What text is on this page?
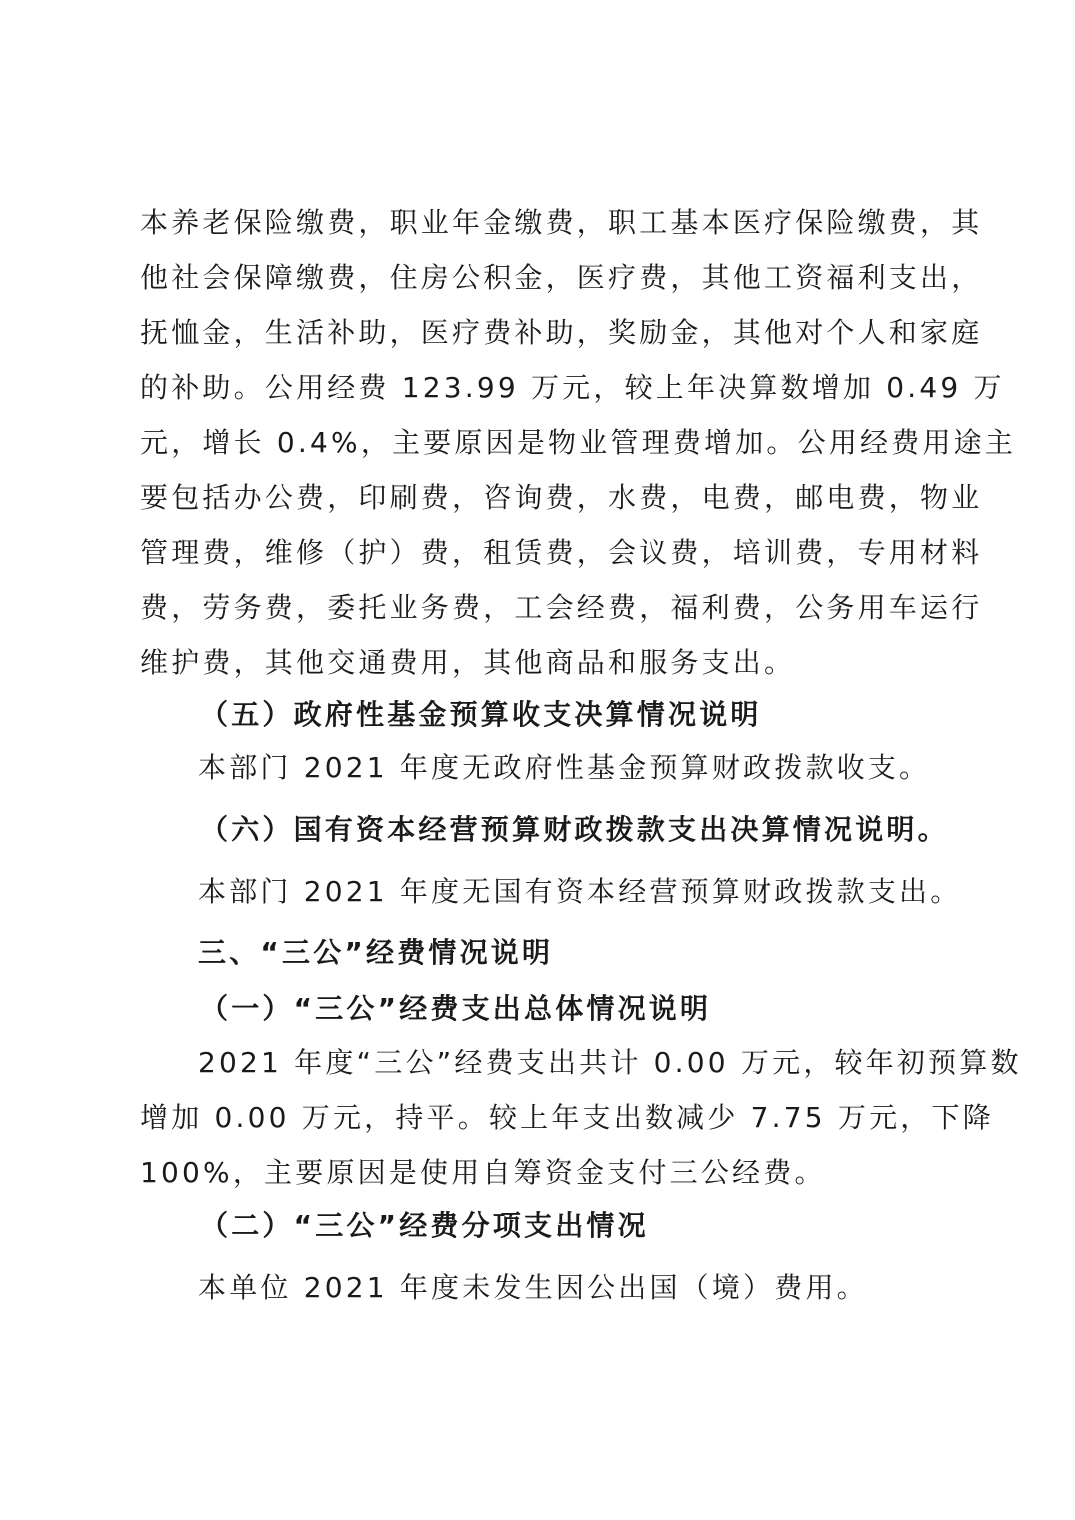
本养老保险缴费，职业年金缴费，职工基本医疗保险缴费，其
他社会保障缴费，住房公积金，医疗费，其他工资福利支出，
抚恤金，生活补助，医疗费补助，奖励金，其他对个人和家庭
的补助。公用经费 123.99 万元，较上年决算数增加 0.49 万
元，增长 0.4%，主要原因是物业管理费增加。公用经费用途主
要包括办公费，印刷费，咨询费，水费，电费，邮电费，物业
管理费，维修（护）费，租赁费，会议费，培训费，专用材料
费，劳务费，委托业务费，工会经费，福利费，公务用车运行
维护费，其他交通费用，其他商品和服务支出。
（五）政府性基金预算收支决算情况说明
本部门 2021 年度无政府性基金预算财政拨款收支。
（六）国有资本经营预算财政拨款支出决算情况说明。
本部门 2021 年度无国有资本经营预算财政拨款支出。
三、“三公”经费情况说明
（一）“三公”经费支出总体情况说明
2021 年度“三公”经费支出共计 0.00 万元，较年初预算数
增加 0.00 万元，持平。较上年支出数减少 7.75 万元，下降
100%，主要原因是使用自筹资金支付三公经费。
（二）“三公”经费分项支出情况
本单位 2021 年度未发生因公出国（境）费用。
